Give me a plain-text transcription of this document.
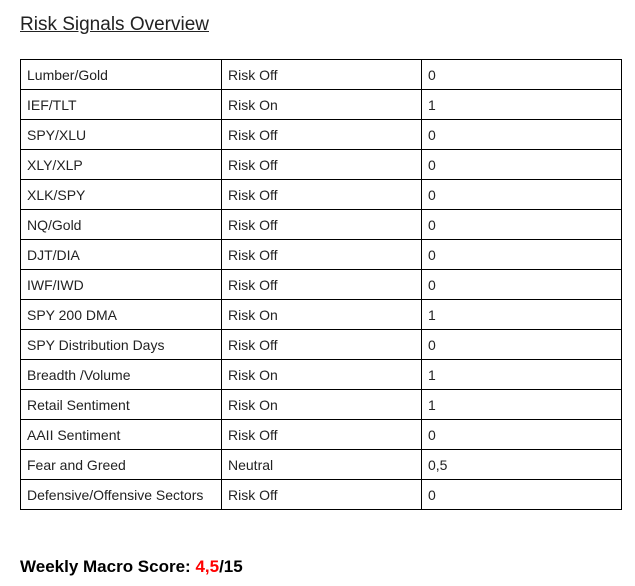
Risk Signals Overview
Lumber/Gold	Risk Off	0
IEF/TLT	Risk On	1
SPY/XLU	Risk Off	0
XLY/XLP	Risk Off	0
XLK/SPY	Risk Off	0
NQ/Gold	Risk Off	0
DJT/DIA	Risk Off	0
IWF/IWD	Risk Off	0
SPY 200 DMA	Risk On	1
SPY Distribution Days	Risk Off	0
Breadth /Volume	Risk On	1
Retail Sentiment	Risk On	1
AAII Sentiment	Risk Off	0
Fear and Greed	Neutral	0,5
Defensive/Offensive Sectors	Risk Off	0

Weekly Macro Score: 4,5/15
